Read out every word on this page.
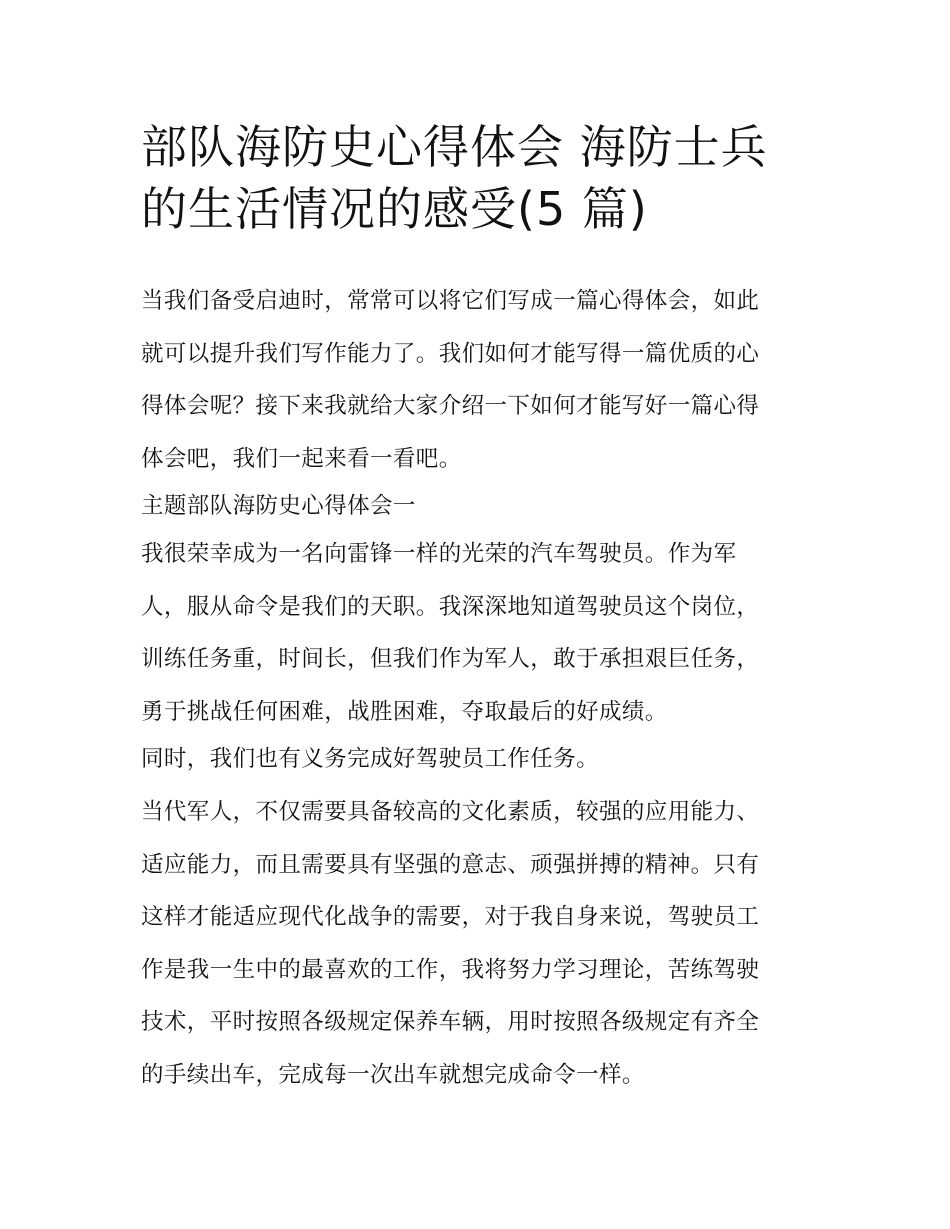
部队海防史心得体会 海防士兵
的生活情况的感受(5 篇)

当我们备受启迪时，常常可以将它们写成一篇心得体会，如此
就可以提升我们写作能力了。我们如何才能写得一篇优质的心
得体会呢？接下来我就给大家介绍一下如何才能写好一篇心得
体会吧，我们一起来看一看吧。

主题部队海防史心得体会一

我很荣幸成为一名向雷锋一样的光荣的汽车驾驶员。作为军
人，服从命令是我们的天职。我深深地知道驾驶员这个岗位，
训练任务重，时间长，但我们作为军人，敢于承担艰巨任务，
勇于挑战任何困难，战胜困难，夺取最后的好成绩。

同时，我们也有义务完成好驾驶员工作任务。

当代军人，不仅需要具备较高的文化素质，较强的应用能力、
适应能力，而且需要具有坚强的意志、顽强拼搏的精神。只有
这样才能适应现代化战争的需要，对于我自身来说，驾驶员工
作是我一生中的最喜欢的工作，我将努力学习理论，苦练驾驶
技术，平时按照各级规定保养车辆，用时按照各级规定有齐全
的手续出车，完成每一次出车就想完成命令一样。
